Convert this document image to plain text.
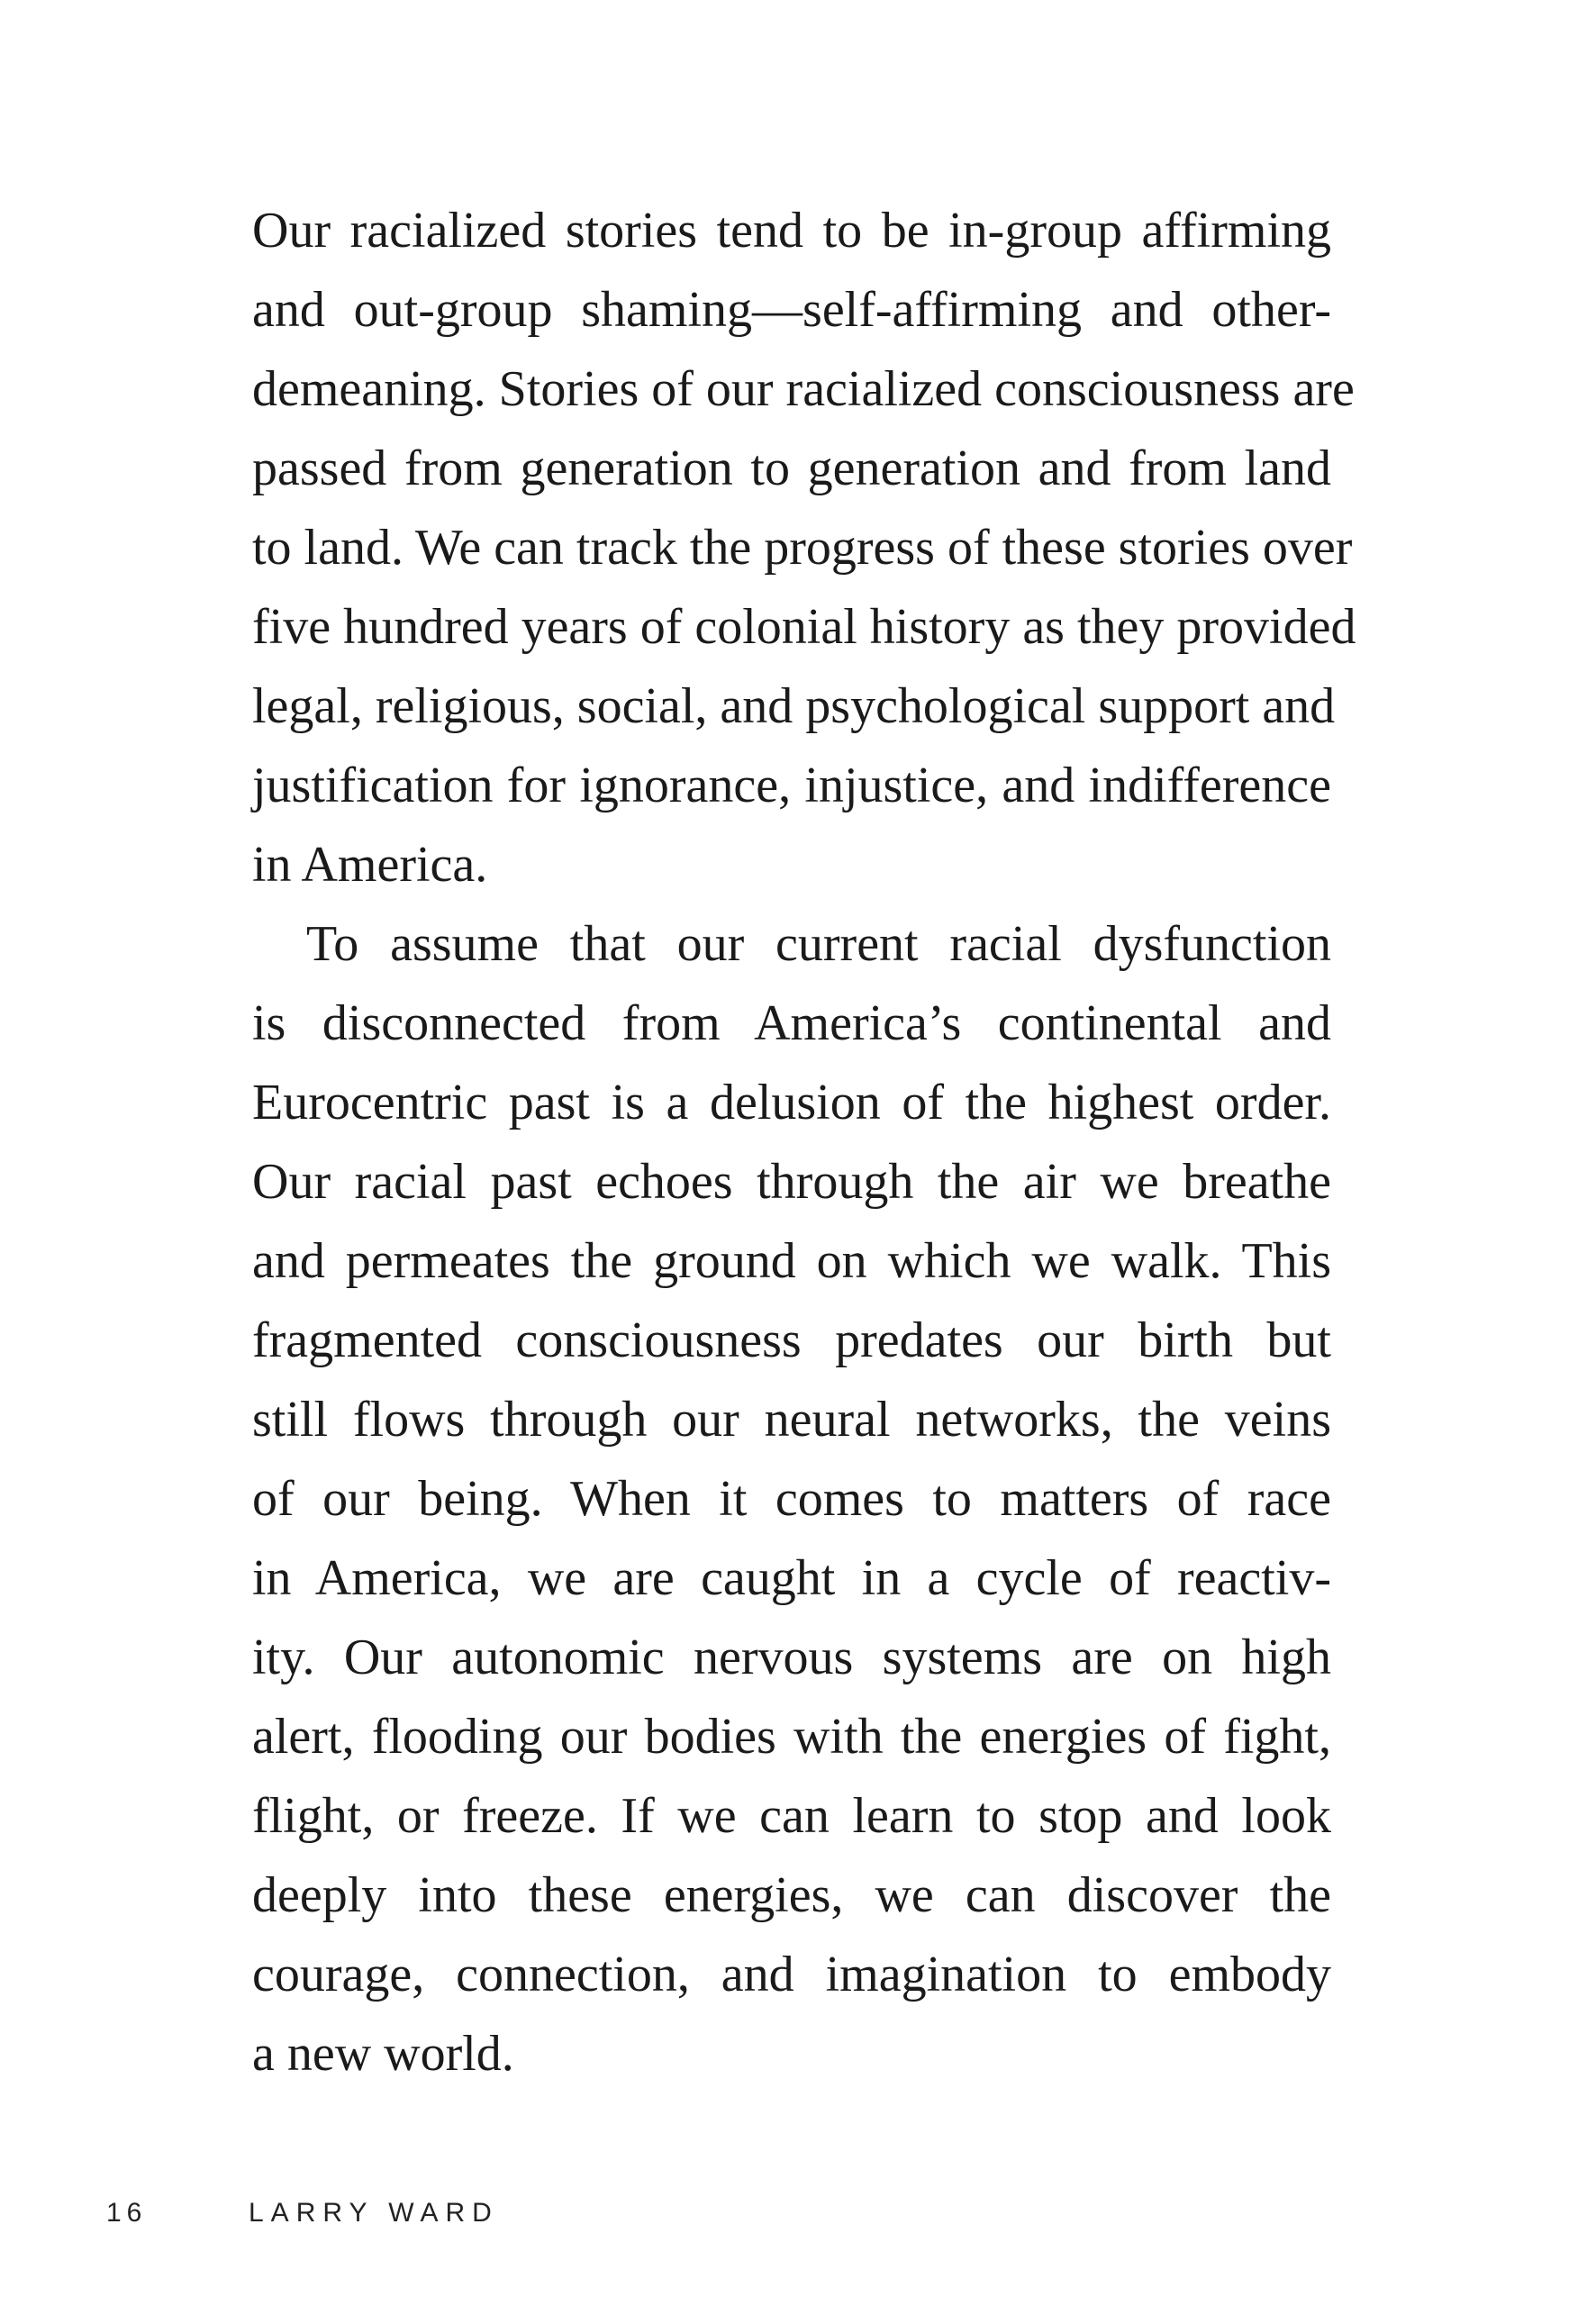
Our racialized stories tend to be in-group affirming
and out-group shaming—self-affirming and other-
demeaning. Stories of our racialized consciousness are
passed from generation to generation and from land
to land. We can track the progress of these stories over
five hundred years of colonial history as they provided
legal, religious, social, and psychological support and
justification for ignorance, injustice, and indifference
in America.
To assume that our current racial dysfunction
is disconnected from America’s continental and
Eurocentric past is a delusion of the highest order.
Our racial past echoes through the air we breathe
and permeates the ground on which we walk. This
fragmented consciousness predates our birth but
still flows through our neural networks, the veins
of our being. When it comes to matters of race
in America, we are caught in a cycle of reactiv-
ity. Our autonomic nervous systems are on high
alert, flooding our bodies with the energies of fight,
flight, or freeze. If we can learn to stop and look
deeply into these energies, we can discover the
courage, connection, and imagination to embody
a new world.
16	LARRY WARD
